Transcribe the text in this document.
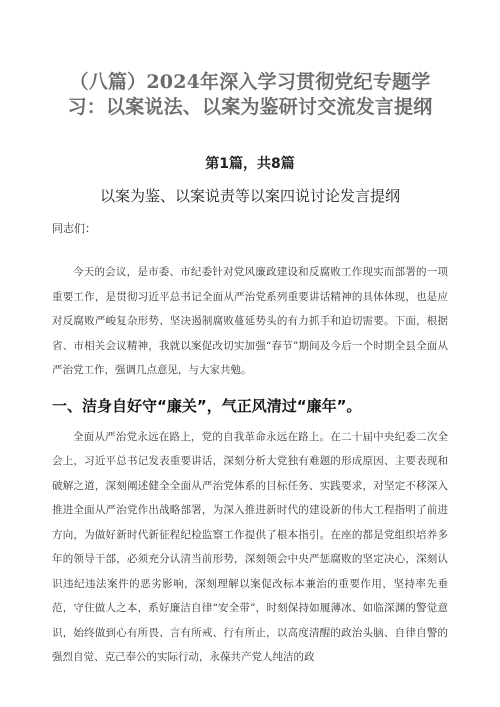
（八篇）2024年深入学习贯彻党纪专题学习：以案说法、以案为鉴研讨交流发言提纲
第1篇，共8篇
以案为鉴、以案说责等以案四说讨论发言提纲

同志们：

今天的会议，是市委、市纪委针对党风廉政建设和反腐败工作现实而部署的一项重要工作，是贯彻习近平总书记全面从严治党系列重要讲话精神的具体体现，也是应对反腐败严峻复杂形势、坚决遏制腐败蔓延势头的有力抓手和迫切需要。下面，根据省、市相关会议精神，我就以案促改切实加强“春节”期间及今后一个时期全县全面从严治党工作，强调几点意见，与大家共勉。

一、洁身自好守“廉关”，气正风清过“廉年”。

全面从严治党永远在路上，党的自我革命永远在路上。在二十届中央纪委二次全会上，习近平总书记发表重要讲话，深刻分析大党独有难题的形成原因、主要表现和破解之道，深刻阐述健全全面从严治党体系的目标任务、实践要求，对坚定不移深入推进全面从严治党作出战略部署，为深入推进新时代的建设新的伟大工程指明了前进方向，为做好新时代新征程纪检监察工作提供了根本指引。在座的都是党组织培养多年的领导干部，必须充分认清当前形势，深刻领会中央严惩腐败的坚定决心，深刻认识违纪违法案件的恶劣影响，深刻理解以案促改标本兼治的重要作用，坚持率先垂范，守住做人之本，系好廉洁自律“安全带”，时刻保持如履薄冰、如临深渊的警觉意识，始终做到心有所畏、言有所戒、行有所止，以高度清醒的政治头脑、自律自警的强烈自觉、克己奉公的实际行动，永葆共产党人纯洁的政
